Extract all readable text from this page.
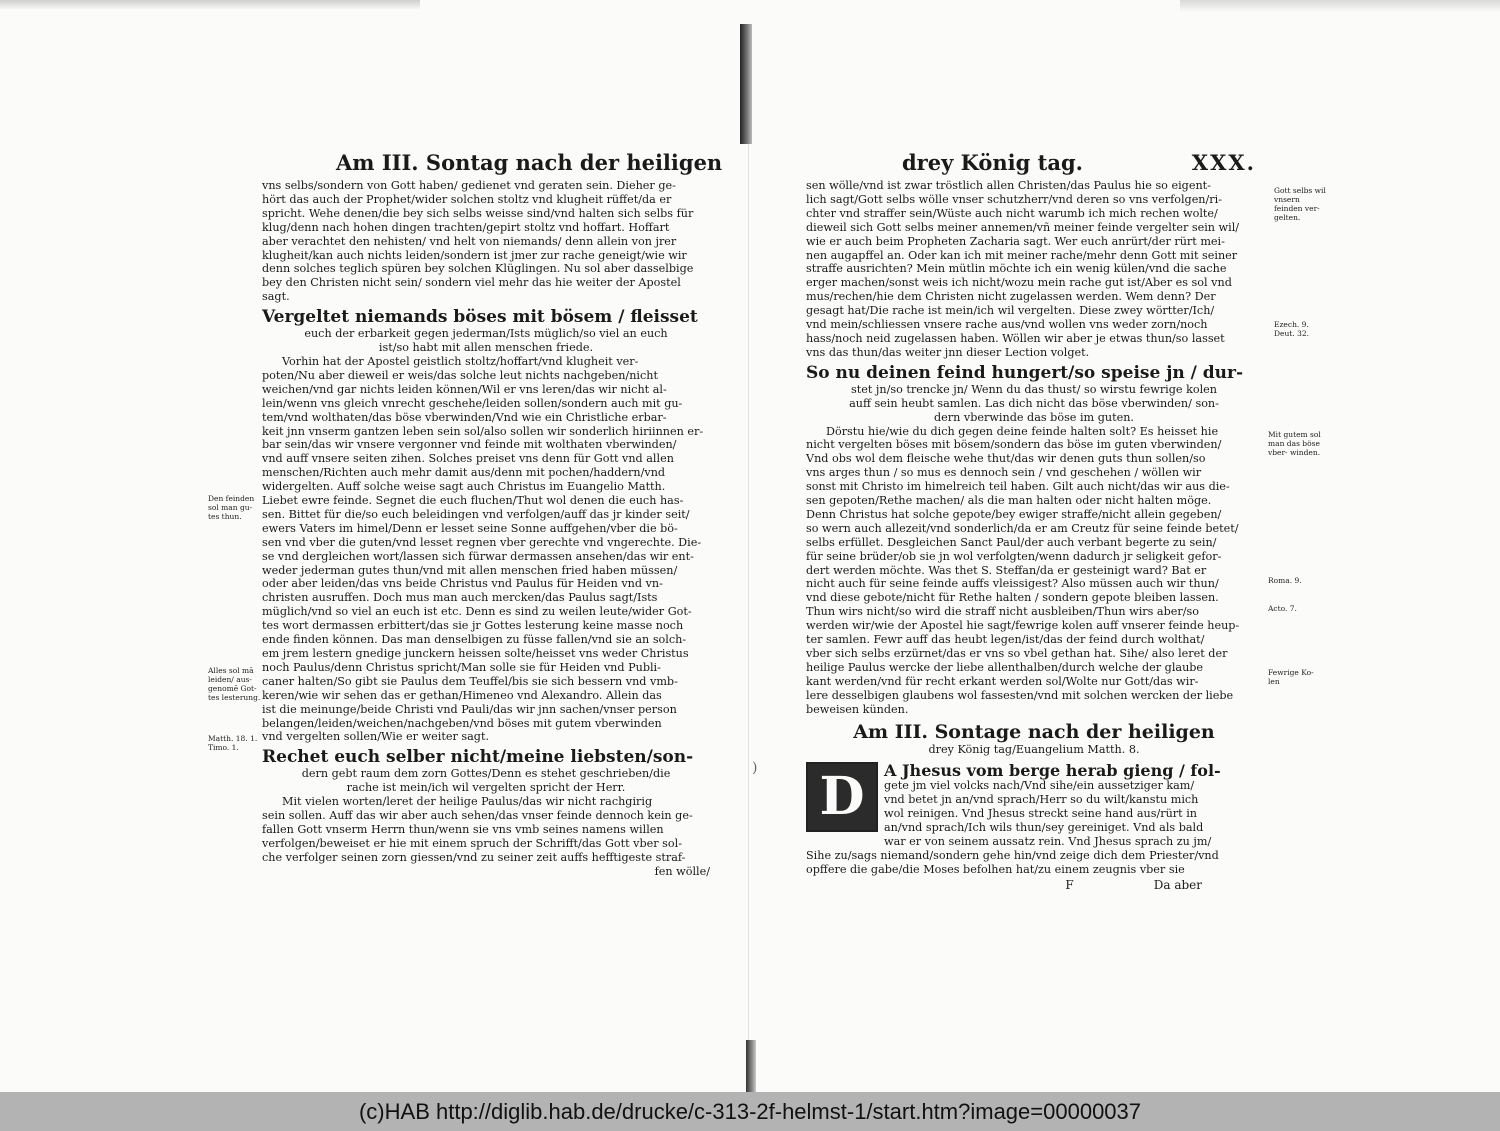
)
Am III. Sontag nach der heiligen

vns selbs/sondern von Gott haben/ gedienet vnd geraten sein. Dieher ge-

hört das auch der Prophet/wider solchen stoltz vnd klugheit rüffet/da er

spricht. Wehe denen/die bey sich selbs weisse sind/vnd halten sich selbs für

klug/denn nach hohen dingen trachten/gepirt stoltz vnd hoffart. Hoffart

aber verachtet den nehisten/ vnd helt von niemands/ denn allein von jrer

klugheit/kan auch nichts leiden/sondern ist jmer zur rache geneigt/wie wir

denn solches teglich spüren bey solchen Klüglingen. Nu sol aber dasselbige

bey den Christen nicht sein/ sondern viel mehr das hie weiter der Apostel

sagt.

Vergeltet niemands böses mit bösem / fleisset

euch der erbarkeit gegen jederman/Ists müglich/so viel an euch

ist/so habt mit allen menschen friede.

Vorhin hat der Apostel geistlich stoltz/hoffart/vnd klugheit ver-

poten/Nu aber dieweil er weis/das solche leut nichts nachgeben/nicht

weichen/vnd gar nichts leiden können/Wil er vns leren/das wir nicht al-

lein/wenn vns gleich vnrecht geschehe/leiden sollen/sondern auch mit gu-

tem/vnd wolthaten/das böse vberwinden/Vnd wie ein Christliche erbar-

keit jnn vnserm gantzen leben sein sol/also sollen wir sonderlich hiriinnen er-

bar sein/das wir vnsere vergonner vnd feinde mit wolthaten vberwinden/

vnd auff vnsere seiten zihen. Solches preiset vns denn für Gott vnd allen

menschen/Richten auch mehr damit aus/denn mit pochen/haddern/vnd

widergelten. Auff solche weise sagt auch Christus im Euangelio Matth.

Liebet ewre feinde. Segnet die euch fluchen/Thut wol denen die euch has-

sen. Bittet für die/so euch beleidingen vnd verfolgen/auff das jr kinder seit/

ewers Vaters im himel/Denn er lesset seine Sonne auffgehen/vber die bö-

sen vnd vber die guten/vnd lesset regnen vber gerechte vnd vngerechte. Die-

se vnd dergleichen wort/lassen sich fürwar dermassen ansehen/das wir ent-

weder jederman gutes thun/vnd mit allen menschen fried haben müssen/

oder aber leiden/das vns beide Christus vnd Paulus für Heiden vnd vn-

christen ausruffen. Doch mus man auch mercken/das Paulus sagt/Ists

müglich/vnd so viel an euch ist etc. Denn es sind zu weilen leute/wider Got-

tes wort dermassen erbittert/das sie jr Gottes lesterung keine masse noch

ende finden können. Das man denselbigen zu füsse fallen/vnd sie an solch-

em jrem lestern gnedige junckern heissen solte/heisset vns weder Christus

noch Paulus/denn Christus spricht/Man solle sie für Heiden vnd Publi-

caner halten/So gibt sie Paulus dem Teuffel/bis sie sich bessern vnd vmb-

keren/wie wir sehen das er gethan/Himeneo vnd Alexandro. Allein das

ist die meinunge/beide Christi vnd Pauli/das wir jnn sachen/vnser person

belangen/leiden/weichen/nachgeben/vnd böses mit gutem vberwinden

vnd vergelten sollen/Wie er weiter sagt.

Rechet euch selber nicht/meine liebsten/son-

dern gebt raum dem zorn Gottes/Denn es stehet geschrieben/die

rache ist mein/ich wil vergelten spricht der Herr.

Mit vielen worten/leret der heilige Paulus/das wir nicht rachgirig

sein sollen. Auff das wir aber auch sehen/das vnser feinde dennoch kein ge-

fallen Gott vnserm Herrn thun/wenn sie vns vmb seines namens willen

verfolgen/beweiset er hie mit einem spruch der Schrifft/das Gott vber sol-

che verfolger seinen zorn giessen/vnd zu seiner zeit auffs hefftigeste straf-

fen wölle/

Den feinden sol man gu- tes thun.
Alles sol mā leiden/ aus- genomē Got- tes lesterung.
Matth. 18. 1. Timo. 1.
drey König tag.	XXX.

sen wölle/vnd ist zwar tröstlich allen Christen/das Paulus hie so eigent-

lich sagt/Gott selbs wölle vnser schutzherr/vnd deren so vns verfolgen/ri-

chter vnd straffer sein/Wüste auch nicht warumb ich mich rechen wolte/

dieweil sich Gott selbs meiner annemen/vñ meiner feinde vergelter sein wil/

wie er auch beim Propheten Zacharia sagt. Wer euch anrürt/der rürt mei-

nen augapffel an. Oder kan ich mit meiner rache/mehr denn Gott mit seiner

straffe ausrichten? Mein mütlin möchte ich ein wenig külen/vnd die sache

erger machen/sonst weis ich nicht/wozu mein rache gut ist/Aber es sol vnd

mus/rechen/hie dem Christen nicht zugelassen werden. Wem denn? Der

gesagt hat/Die rache ist mein/ich wil vergelten. Diese zwey wörtter/Ich/

vnd mein/schliessen vnsere rache aus/vnd wollen vns weder zorn/noch

hass/noch neid zugelassen haben. Wöllen wir aber je etwas thun/so lasset

vns das thun/das weiter jnn dieser Lection volget.

So nu deinen feind hungert/so speise jn / dur-

stet jn/so trencke jn/ Wenn du das thust/ so wirstu fewrige kolen

auff sein heubt samlen. Las dich nicht das böse vberwinden/ son-

dern vberwinde das böse im guten.

Dörstu hie/wie du dich gegen deine feinde halten solt? Es heisset hie

nicht vergelten böses mit bösem/sondern das böse im guten vberwinden/

Vnd obs wol dem fleische wehe thut/das wir denen guts thun sollen/so

vns arges thun / so mus es dennoch sein / vnd geschehen / wöllen wir

sonst mit Christo im himelreich teil haben. Gilt auch nicht/das wir aus die-

sen gepoten/Rethe machen/ als die man halten oder nicht halten möge.

Denn Christus hat solche gepote/bey ewiger straffe/nicht allein gegeben/

so wern auch allezeit/vnd sonderlich/da er am Creutz für seine feinde betet/

selbs erfüllet. Desgleichen Sanct Paul/der auch verbant begerte zu sein/

für seine brüder/ob sie jn wol verfolgten/wenn dadurch jr seligkeit gefor-

dert werden möchte. Was thet S. Steffan/da er gesteinigt ward? Bat er

nicht auch für seine feinde auffs vleissigest? Also müssen auch wir thun/

vnd diese gebote/nicht für Rethe halten / sondern gepote bleiben lassen.

Thun wirs nicht/so wird die straff nicht ausbleiben/Thun wirs aber/so

werden wir/wie der Apostel hie sagt/fewrige kolen auff vnserer feinde heup-

ter samlen. Fewr auff das heubt legen/ist/das der feind durch wolthat/

vber sich selbs erzürnet/das er vns so vbel gethan hat. Sihe/ also leret der

heilige Paulus wercke der liebe allenthalben/durch welche der glaube

kant werden/vnd für recht erkant werden sol/Wolte nur Gott/das wir-

lere desselbigen glaubens wol fassesten/vnd mit solchen wercken der liebe

beweisen künden.

Am III. Sontage nach der heiligen

drey König tag/Euangelium Matth. 8.

D	A Jhesus vom berge herab gieng / fol-

gete jm viel volcks nach/Vnd sihe/ein aussetziger kam/

vnd betet jn an/vnd sprach/Herr so du wilt/kanstu mich

wol reinigen. Vnd Jhesus streckt seine hand aus/rürt in

an/vnd sprach/Ich wils thun/sey gereiniget. Vnd als bald

war er von seinem aussatz rein. Vnd Jhesus sprach zu jm/

Sihe zu/sags niemand/sondern gehe hin/vnd zeige dich dem Priester/vnd

opffere die gabe/die Moses befolhen hat/zu einem zeugnis vber sie

F	Da aber
Gott selbs wil vnsern feinden ver- gelten.
Ezech. 9. Deut. 32.
Mit gutem sol man das böse vber- winden.
Roma. 9.
Acto. 7.
Fewrige Ko- len
(c)HAB http://diglib.hab.de/drucke/c-313-2f-helmst-1/start.htm?image=00000037
